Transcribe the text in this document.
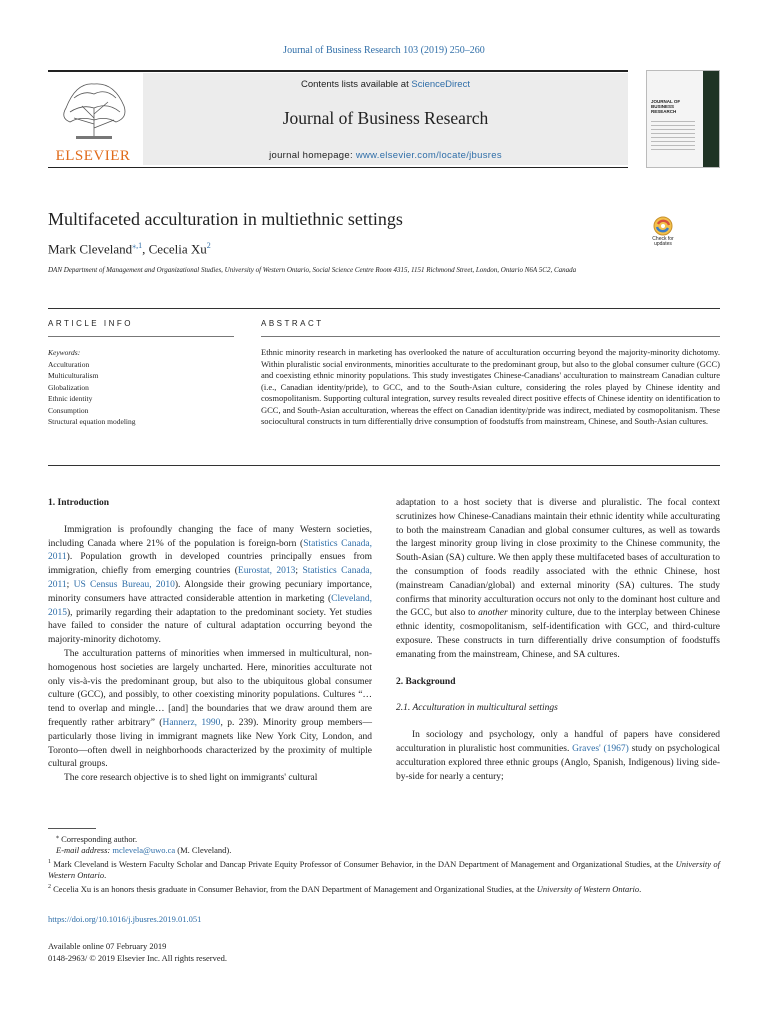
Journal of Business Research 103 (2019) 250–260
ELSEVIER
Contents lists available at ScienceDirect
Journal of Business Research
journal homepage: www.elsevier.com/locate/jbusres
JOURNAL OF BUSINESS RESEARCH
Multifaceted acculturation in multiethnic settings
Mark Cleveland$^{⁎,1}$, Cecelia Xu$^2$
Check for updates
DAN Department of Management and Organizational Studies, University of Western Ontario, Social Science Centre Room 4315, 1151 Richmond Street, London, Ontario N6A 5C2, Canada
ARTICLE INFO	ABSTRACT
Keywords:
Acculturation
Multiculturalism
Globalization
Ethnic identity
Consumption
Structural equation modeling
Ethnic minority research in marketing has overlooked the nature of acculturation occurring beyond the majority-minority dichotomy. Within pluralistic social environments, minorities acculturate to the predominant group, but also to the global consumer culture (GCC) and coexisting ethnic minority populations. This study investigates Chinese-Canadians' acculturation to mainstream Canadian culture (i.e., Canadian identity/pride), to GCC, and to the South-Asian culture, considering the roles played by Chinese identity and cosmopolitanism. Supporting cultural integration, survey results revealed direct positive effects of Chinese identity on identification to GCC, and South-Asian acculturation, whereas the effect on Canadian identity/pride was indirect, mediated by cosmopolitanism. These sociocultural constructs in turn differentially drive consumption of foodstuffs from mainstream, Chinese, and South-Asian cultures.

1. Introduction

Immigration is profoundly changing the face of many Western societies, including Canada where 21% of the population is foreign-born (Statistics Canada, 2011). Population growth in developed countries principally ensues from immigration, chiefly from emerging countries (Eurostat, 2013; Statistics Canada, 2011; US Census Bureau, 2010). Alongside their growing pecuniary importance, minority consumers have attracted considerable attention in marketing (Cleveland, 2015), primarily regarding their adaptation to the predominant society. Yet studies have failed to consider the nature of cultural adaptation occurring beyond the majority-minority dichotomy.

The acculturation patterns of minorities when immersed in multicultural, non-homogenous host societies are largely uncharted. Here, minorities acculturate not only vis-à-vis the predominant group, but also to the ubiquitous global consumer culture (GCC), and possibly, to other coexisting minority populations. Cultures “…tend to overlap and mingle… [and] the boundaries that we draw around them are frequently rather arbitrary” (Hannerz, 1990, p. 239). Minority group members—particularly those living in immigrant magnets like New York City, London, and Toronto—often dwell in neighborhoods characterized by the proximity of multiple cultural groups.

The core research objective is to shed light on immigrants' cultural

adaptation to a host society that is diverse and pluralistic. The focal context scrutinizes how Chinese-Canadians maintain their ethnic identity while acculturating to both the mainstream Canadian and global consumer cultures, as well as towards the largest minority group living in close proximity to the Chinese community, the South-Asian (SA) culture. We then apply these multifaceted bases of acculturation to the consumption of foods readily associated with the ethnic Chinese, host (mainstream Canadian/global) and external minority (SA) cultures. The study confirms that minority acculturation occurs not only to the dominant host culture and the GCC, but also to another minority culture, due to the interplay between Chinese ethnic identity, cosmopolitanism, self-identification with GCC, and third-culture exposure. These constructs in turn differentially drive consumption of foodstuffs emanating from the mainstream, Chinese, and SA cultures.

2. Background

2.1. Acculturation in multicultural settings

In sociology and psychology, only a handful of papers have considered acculturation in pluralistic host communities. Graves' (1967) study on psychological acculturation explored three ethnic groups (Anglo, Spanish, Indigenous) living side-by-side for nearly a century;

⁎ Corresponding author.

E-mail address: mclevela@uwo.ca (M. Cleveland).

$^1$ Mark Cleveland is Western Faculty Scholar and Dancap Private Equity Professor of Consumer Behavior, in the DAN Department of Management and Organizational Studies, at the University of Western Ontario.

$^2$ Cecelia Xu is an honors thesis graduate in Consumer Behavior, from the DAN Department of Management and Organizational Studies, at the University of Western Ontario.

https://doi.org/10.1016/j.jbusres.2019.01.051
Available online 07 February 2019
0148-2963/ © 2019 Elsevier Inc. All rights reserved.
